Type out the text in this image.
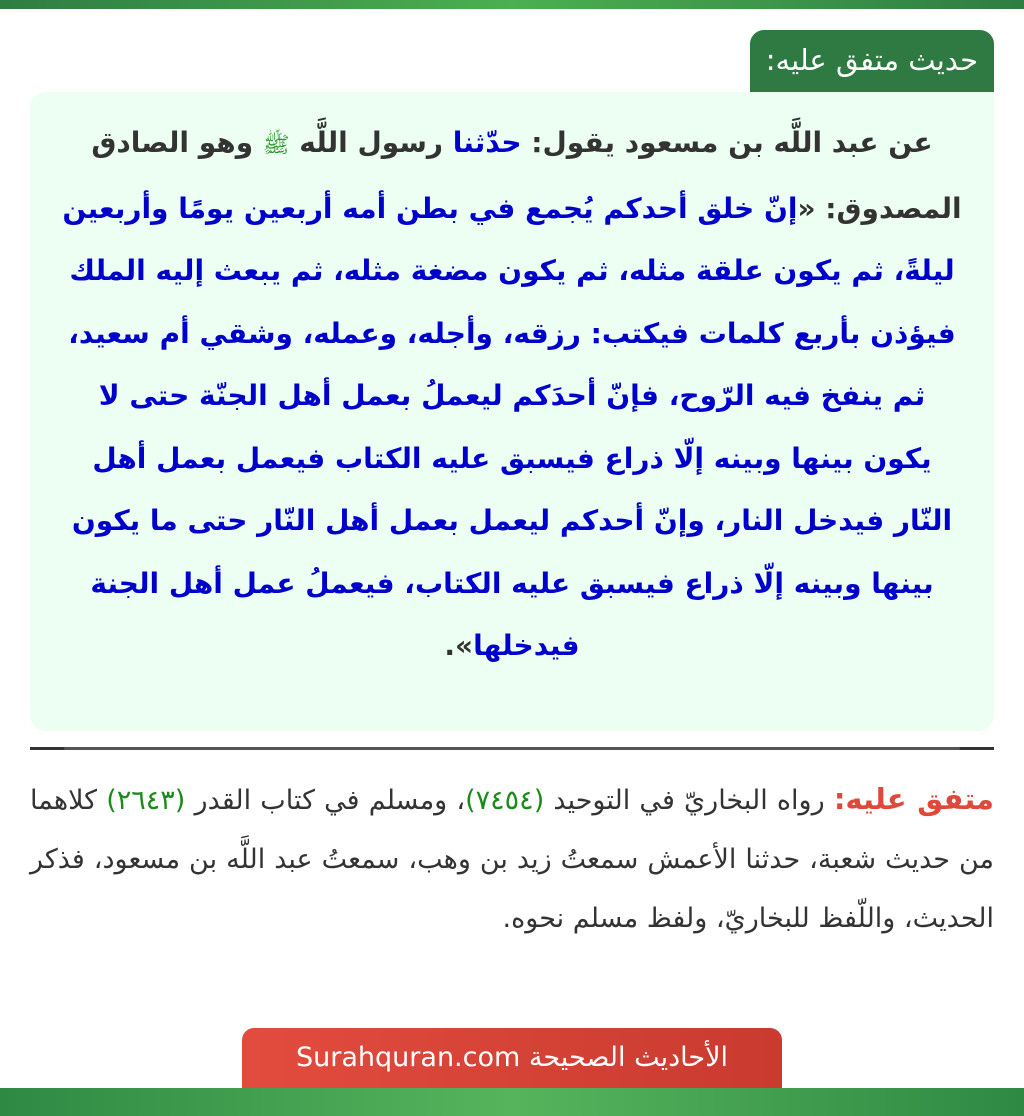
حديث متفق عليه:

عن عبد اللَّه بن مسعود يقول: حدّثنا رسول اللَّه ﷺ وهو الصادق المصدوق: «إنّ خلق أحدكم يُجمع في بطن أمه أربعين يومًا وأربعين ليلةً، ثم يكون علقة مثله، ثم يكون مضغة مثله، ثم يبعث إليه الملك فيؤذن بأربع كلمات فيكتب: رزقه، وأجله، وعمله، وشقي أم سعيد، ثم ينفخ فيه الرّوح، فإنّ أحدَكم ليعملُ بعمل أهل الجنّة حتى لا يكون بينها وبينه إلّا ذراع فيسبق عليه الكتاب فيعمل بعمل أهل النّار فيدخل النار، وإنّ أحدكم ليعمل بعمل أهل النّار حتى ما يكون بينها وبينه إلّا ذراع فيسبق عليه الكتاب، فيعملُ عمل أهل الجنة فيدخلها».

متفق عليه: رواه البخاريّ في التوحيد (٧٤٥٤)، ومسلم في كتاب القدر (٢٦٤٣) كلاهما من حديث شعبة، حدثنا الأعمش سمعتُ زيد بن وهب، سمعتُ عبد اللَّه بن مسعود، فذكر الحديث، واللّفظ للبخاريّ، ولفظ مسلم نحوه.

الأحاديث الصحيحة Surahquran.com
